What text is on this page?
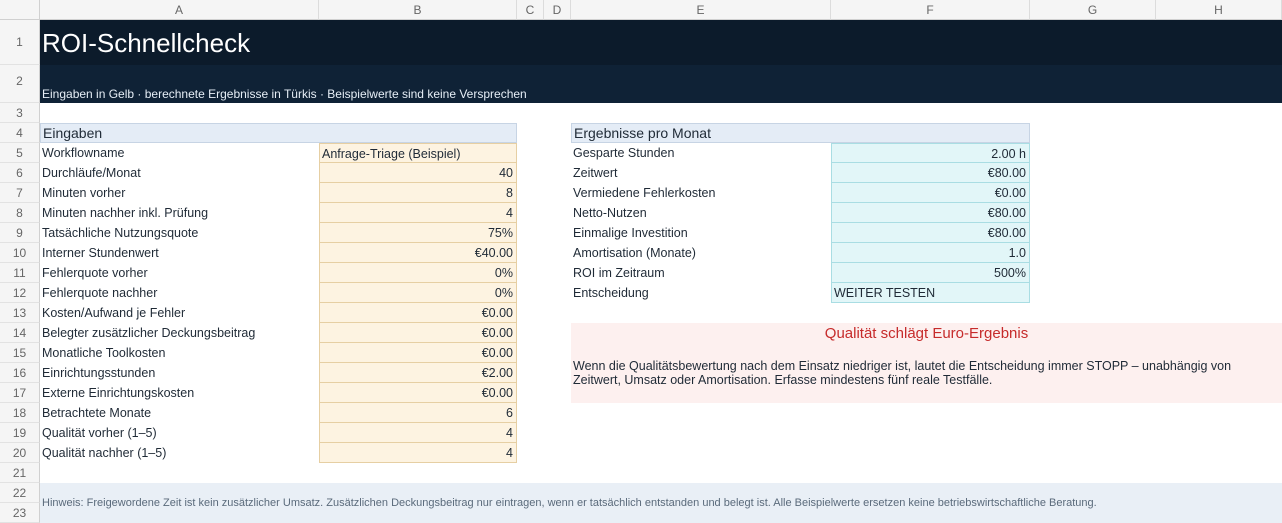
A	B	C	D	E	F	G	H
1
2
3
4
5
6
7
8
9
10
11
12
13
14
15
16
17
18
19
20
21
22
23
ROI-Schnellcheck
Eingaben in Gelb · berechnete Ergebnisse in Türkis · Beispielwerte sind keine Versprechen
Eingaben
Workflowname	Anfrage-Triage (Beispiel)
Durchläufe/Monat	40
Minuten vorher	8
Minuten nachher inkl. Prüfung	4
Tatsächliche Nutzungsquote	75%
Interner Stundenwert	€40.00
Fehlerquote vorher	0%
Fehlerquote nachher	0%
Kosten/Aufwand je Fehler	€0.00
Belegter zusätzlicher Deckungsbeitrag	€0.00
Monatliche Toolkosten	€0.00
Einrichtungsstunden	€2.00
Externe Einrichtungskosten	€0.00
Betrachtete Monate	6
Qualität vorher (1–5)	4
Qualität nachher (1–5)	4
Ergebnisse pro Monat
Gesparte Stunden	2.00 h
Zeitwert	€80.00
Vermiedene Fehlerkosten	€0.00
Netto-Nutzen	€80.00
Einmalige Investition	€80.00
Amortisation (Monate)	1.0
ROI im Zeitraum	500%
Entscheidung	WEITER TESTEN
Qualität schlägt Euro-Ergebnis
Wenn die Qualitätsbewertung nach dem Einsatz niedriger ist, lautet die Entscheidung immer STOPP – unabhängig von Zeitwert, Umsatz oder Amortisation. Erfasse mindestens fünf reale Testfälle.
Hinweis: Freigewordene Zeit ist kein zusätzlicher Umsatz. Zusätzlichen Deckungsbeitrag nur eintragen, wenn er tatsächlich entstanden und belegt ist. Alle Beispielwerte ersetzen keine betriebswirtschaftliche Beratung.
